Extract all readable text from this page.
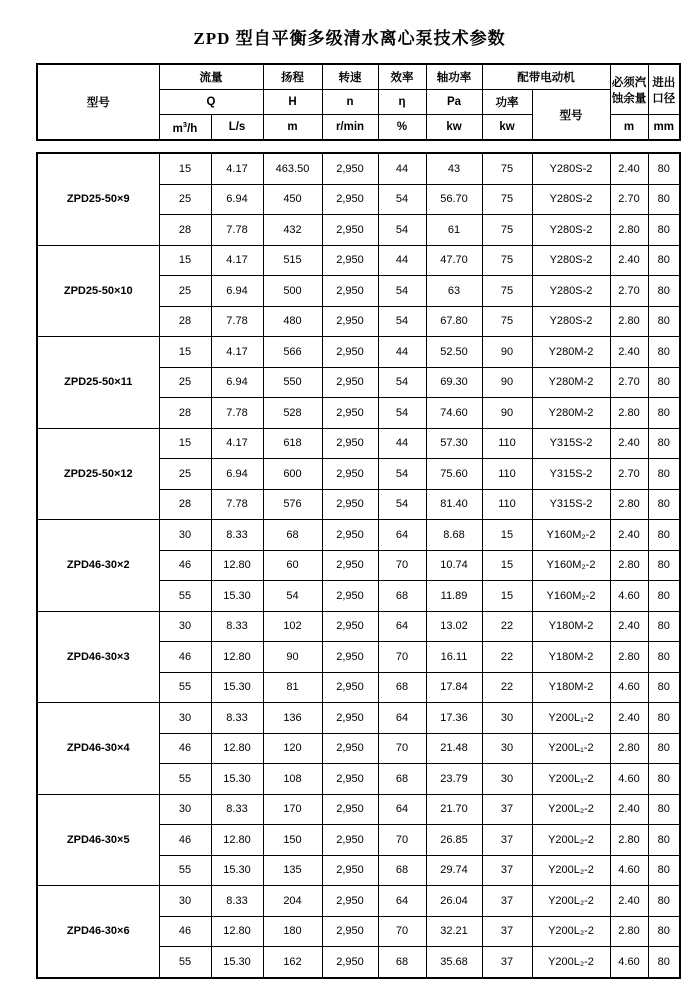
ZPD 型自平衡多级清水离心泵技术参数
型号	流量		扬程	转速	效率	轴功率	配带电动机		必须汽蚀余量	进出口径
	Q		H	n	η	Pa	功率	型号		
	$m^3/h$	L/s	m	r/min	%	kw	kw		m	mm
ZPD25-50×9	15	4.17	463.50	2,950	44	43	75	Y280S-2	2.40	80
	25	6.94	450	2,950	54	56.70	75	Y280S-2	2.70	80
	28	7.78	432	2,950	54	61	75	Y280S-2	2.80	80
ZPD25-50×10	15	4.17	515	2,950	44	47.70	75	Y280S-2	2.40	80
	25	6.94	500	2,950	54	63	75	Y280S-2	2.70	80
	28	7.78	480	2,950	54	67.80	75	Y280S-2	2.80	80
ZPD25-50×11	15	4.17	566	2,950	44	52.50	90	Y280M-2	2.40	80
	25	6.94	550	2,950	54	69.30	90	Y280M-2	2.70	80
	28	7.78	528	2,950	54	74.60	90	Y280M-2	2.80	80
ZPD25-50×12	15	4.17	618	2,950	44	57.30	110	Y315S-2	2.40	80
	25	6.94	600	2,950	54	75.60	110	Y315S-2	2.70	80
	28	7.78	576	2,950	54	81.40	110	Y315S-2	2.80	80
ZPD46-30×2	30	8.33	68	2,950	64	8.68	15	Y160M₂-2	2.40	80
	46	12.80	60	2,950	70	10.74	15	Y160M₂-2	2.80	80
	55	15.30	54	2,950	68	11.89	15	Y160M₂-2	4.60	80
ZPD46-30×3	30	8.33	102	2,950	64	13.02	22	Y180M-2	2.40	80
	46	12.80	90	2,950	70	16.11	22	Y180M-2	2.80	80
	55	15.30	81	2,950	68	17.84	22	Y180M-2	4.60	80
ZPD46-30×4	30	8.33	136	2,950	64	17.36	30	Y200L₁-2	2.40	80
	46	12.80	120	2,950	70	21.48	30	Y200L₁-2	2.80	80
	55	15.30	108	2,950	68	23.79	30	Y200L₁-2	4.60	80
ZPD46-30×5	30	8.33	170	2,950	64	21.70	37	Y200L₂-2	2.40	80
	46	12.80	150	2,950	70	26.85	37	Y200L₂-2	2.80	80
	55	15.30	135	2,950	68	29.74	37	Y200L₂-2	4.60	80
ZPD46-30×6	30	8.33	204	2,950	64	26.04	37	Y200L₂-2	2.40	80
	46	12.80	180	2,950	70	32.21	37	Y200L₂-2	2.80	80
	55	15.30	162	2,950	68	35.68	37	Y200L₂-2	4.60	80
